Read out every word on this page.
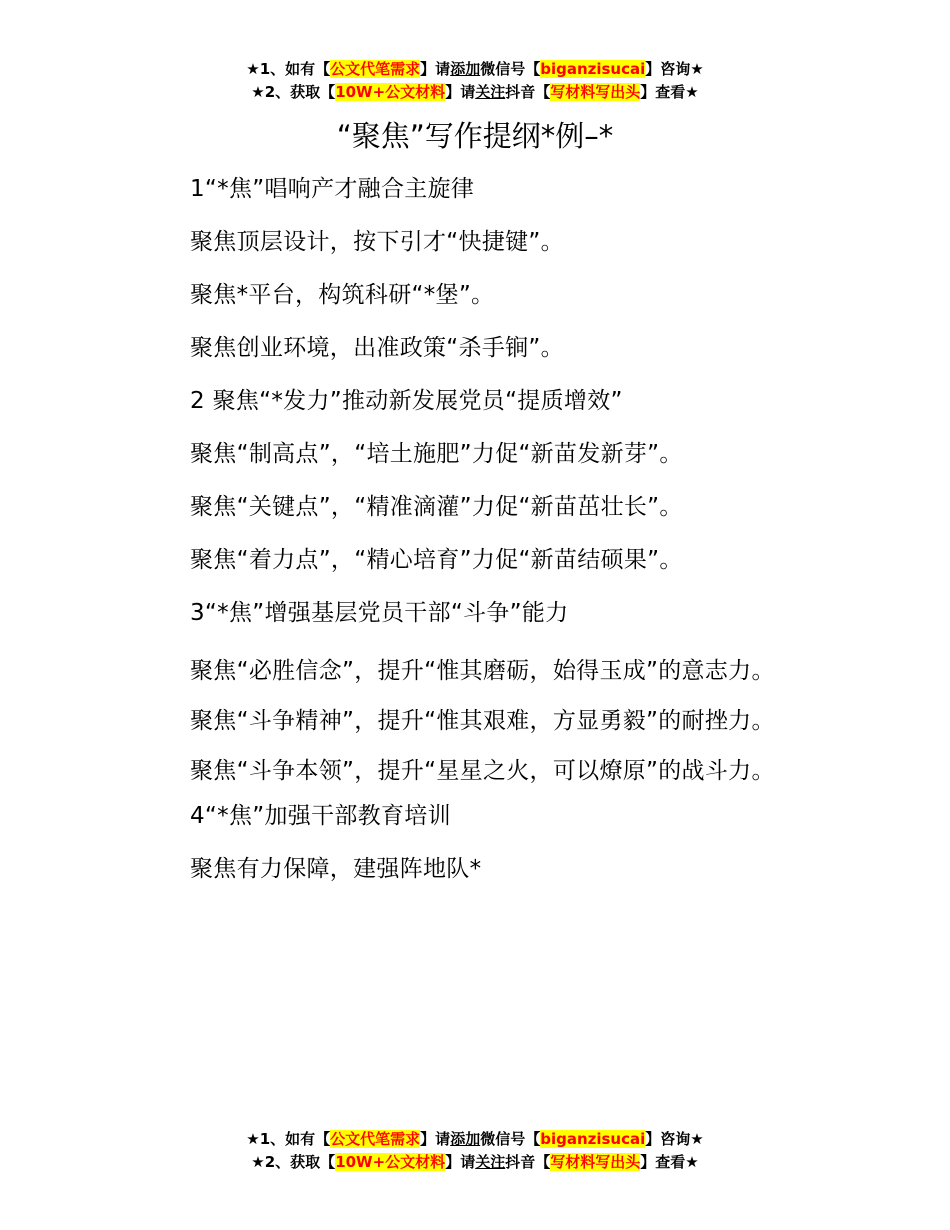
★1、如有【公文代笔需求】请添加微信号【biganzisucai】咨询★
★2、获取【10W+公文材料】请关注抖音【写材料写出头】查看★
“聚焦”写作提纲*例–*

1“*焦”唱响产才融合主旋律

聚焦顶层设计，按下引才“快捷键”。

聚焦*平台，构筑科研“*堡”。

聚焦创业环境，出准政策“杀手锏”。

2 聚焦“*发力”推动新发展党员“提质增效”

聚焦“制高点”，“培土施肥”力促“新苗发新芽”。

聚焦“关键点”，“精准滴灌”力促“新苗茁壮长”。

聚焦“着力点”，“精心培育”力促“新苗结硕果”。

3“*焦”增强基层党员干部“斗争”能力

聚焦“必胜信念”，提升“惟其磨砺，始得玉成”的意志力。

聚焦“斗争精神”，提升“惟其艰难，方显勇毅”的耐挫力。

聚焦“斗争本领”，提升“星星之火，可以燎原”的战斗力。

4“*焦”加强干部教育培训

聚焦有力保障，建强阵地队*

★1、如有【公文代笔需求】请添加微信号【biganzisucai】咨询★
★2、获取【10W+公文材料】请关注抖音【写材料写出头】查看★
